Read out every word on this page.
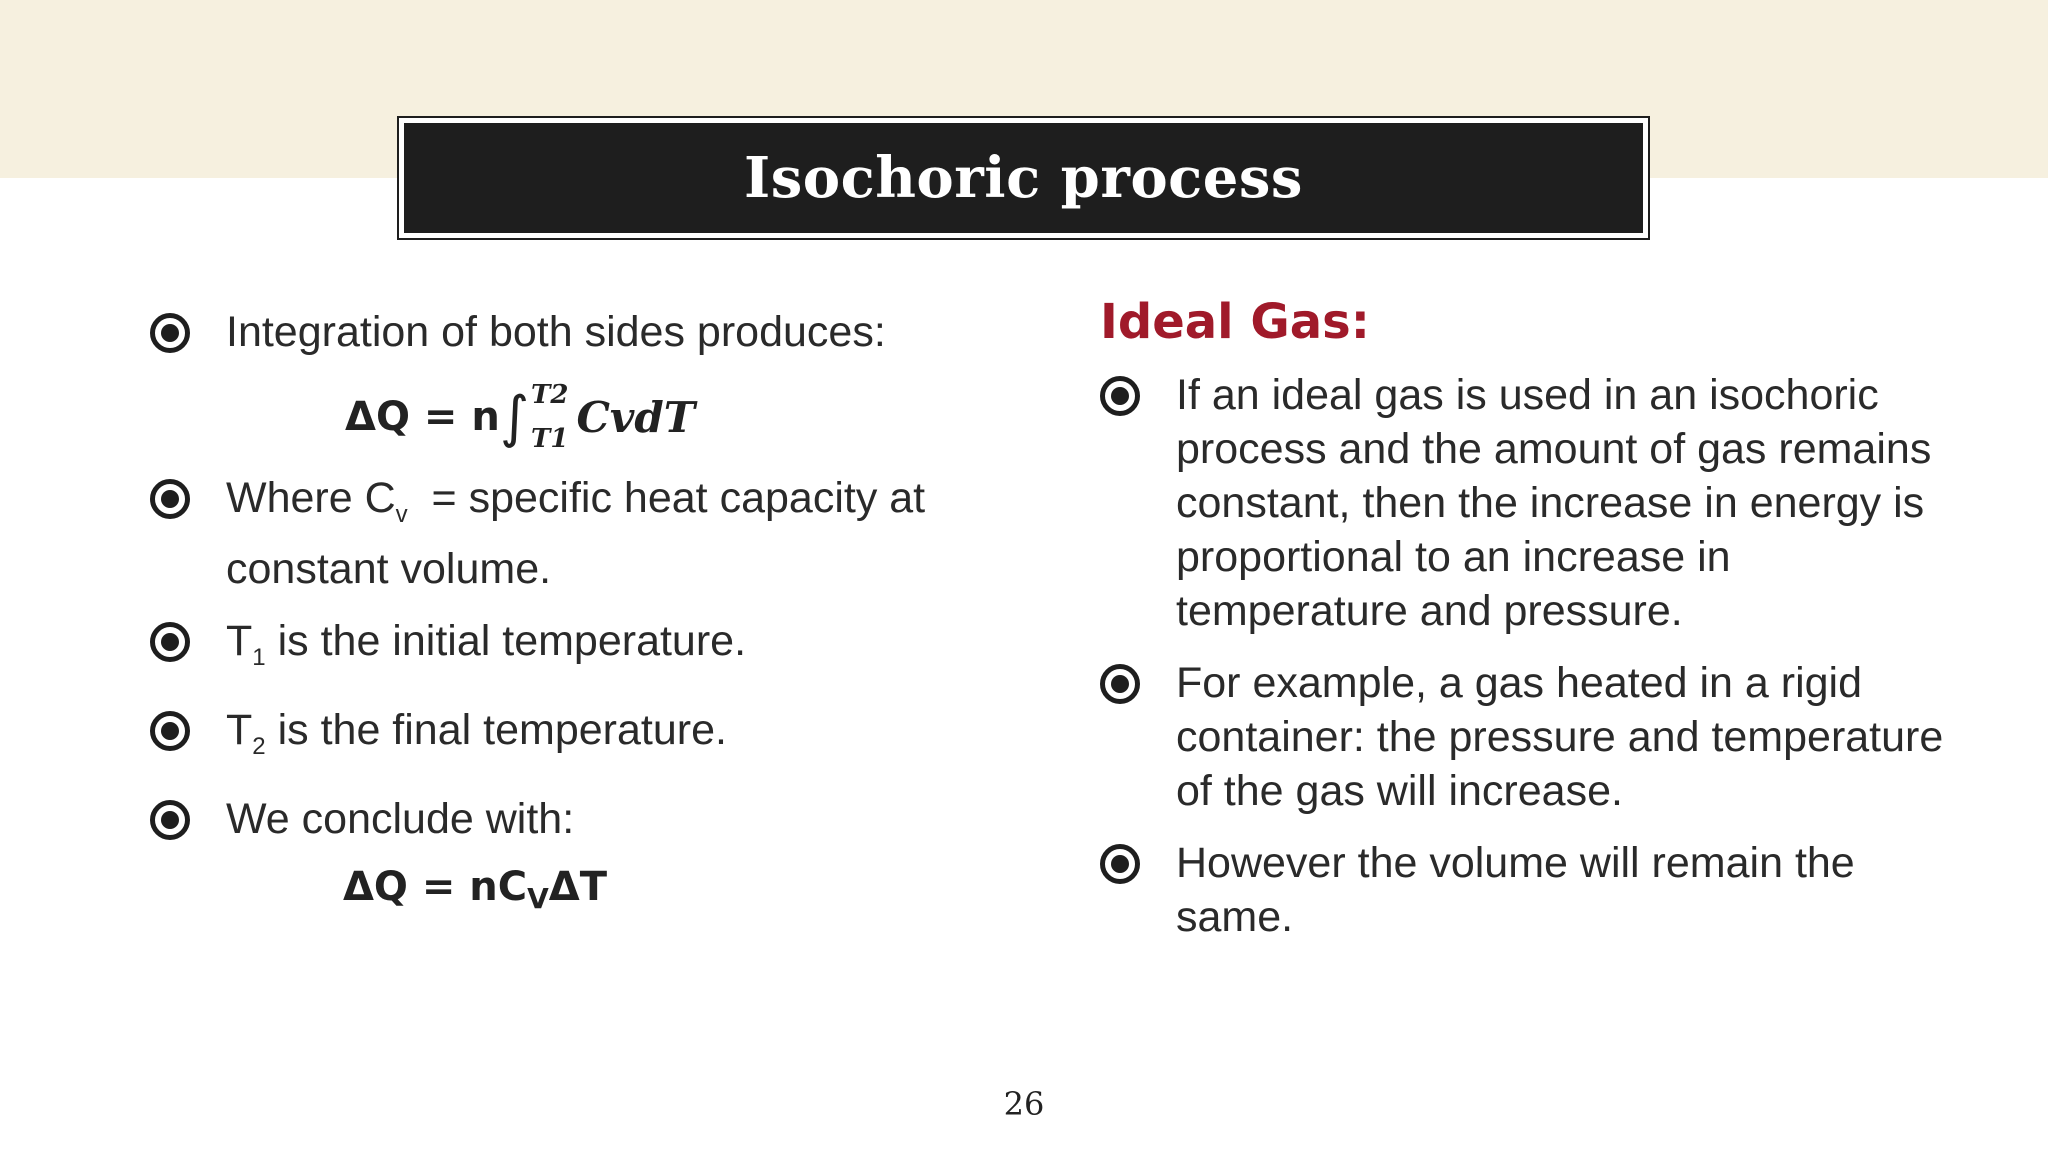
Isochoric process
Integration of both sides produces:
ΔQ = n ∫ T2
T1 CvdT
Where $C_v$  = specific heat capacity at constant volume.
$T_1$ is the initial temperature.
$T_2$ is the final temperature.
We conclude with:
$\Delta Q = nC_V\Delta T$
Ideal Gas:
If an ideal gas is used in an isochoric process and the amount of gas remains constant, then the increase in energy is proportional to an increase in temperature and pressure.
For example, a gas heated in a rigid container: the pressure and temperature of the gas will increase.
However the volume will remain the same.
26
